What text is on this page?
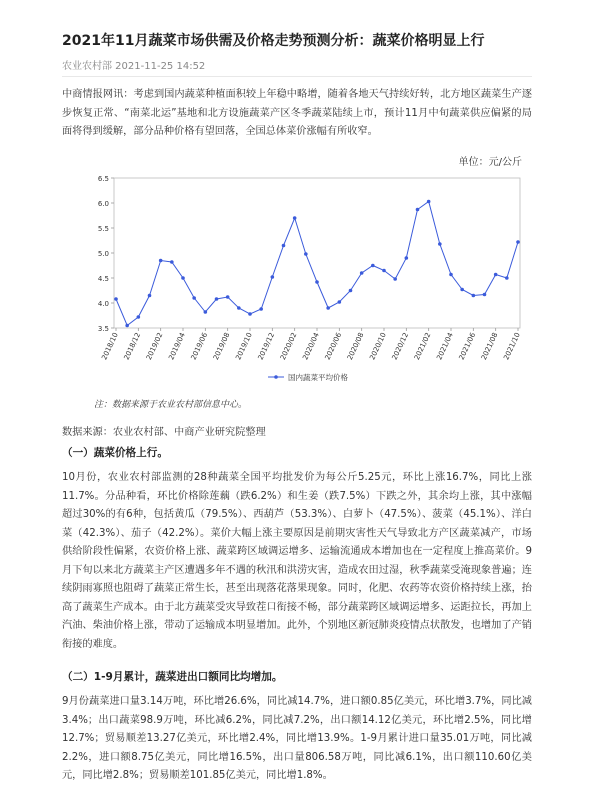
2021年11月蔬菜市场供需及价格走势预测分析：蔬菜价格明显上行
农业农村部 2021-11-25 14:52
中商情报网讯：考虑到国内蔬菜种植面积较上年稳中略增，随着各地天气持续好转，北方地区蔬菜生产逐步恢复正常、“南菜北运”基地和北方设施蔬菜产区冬季蔬菜陆续上市，预计11月中旬蔬菜供应偏紧的局面将得到缓解，部分品种价格有望回落，全国总体菜价涨幅有所收窄。
单位：元/公斤
3.5
4.0
4.5
5.0
5.5
6.0
6.5
2018/10 2018/12 2019/02 2019/04 2019/06 2019/08 2019/10 2019/12 2020/02 2020/04 2020/06 2020/08 2020/10 2020/12 2021/02 2021/04 2021/06 2021/08 2021/10
国内蔬菜平均价格
注：数据来源于农业农村部信息中心。
数据来源：农业农村部、中商产业研究院整理
（一）蔬菜价格上行。
10月份，农业农村部监测的28种蔬菜全国平均批发价为每公斤5.25元，环比上涨16.7%，同比上涨11.7%。分品种看，环比价格除莲藕（跌6.2%）和生姜（跌7.5%）下跌之外，其余均上涨，其中涨幅超过30%的有6种，包括黄瓜（79.5%）、西葫芦（53.3%）、白萝卜（47.5%）、菠菜（45.1%）、洋白菜（42.3%）、茄子（42.2%）。菜价大幅上涨主要原因是前期灾害性天气导致北方产区蔬菜减产，市场供给阶段性偏紧，农资价格上涨、蔬菜跨区域调运增多、运输流通成本增加也在一定程度上推高菜价。9月下旬以来北方蔬菜主产区遭遇多年不遇的秋汛和洪涝灾害，造成农田过湿，秋季蔬菜受淹现象普遍；连续阴雨寡照也阻碍了蔬菜正常生长，甚至出现落花落果现象。同时，化肥、农药等农资价格持续上涨，抬高了蔬菜生产成本。由于北方蔬菜受灾导致茬口衔接不畅，部分蔬菜跨区域调运增多、运距拉长，再加上汽油、柴油价格上涨，带动了运输成本明显增加。此外，个别地区新冠肺炎疫情点状散发，也增加了产销衔接的难度。
（二）1-9月累计，蔬菜进出口额同比均增加。
9月份蔬菜进口量3.14万吨，环比增26.6%，同比减14.7%，进口额0.85亿美元，环比增3.7%，同比减3.4%；出口蔬菜98.9万吨，环比减6.2%，同比减7.2%，出口额14.12亿美元，环比增2.5%，同比增12.7%；贸易顺差13.27亿美元，环比增2.4%，同比增13.9%。1-9月累计进口量35.01万吨，同比减2.2%，进口额8.75亿美元，同比增16.5%，出口量806.58万吨，同比减6.1%，出口额110.60亿美元，同比增2.8%；贸易顺差101.85亿美元，同比增1.8%。
